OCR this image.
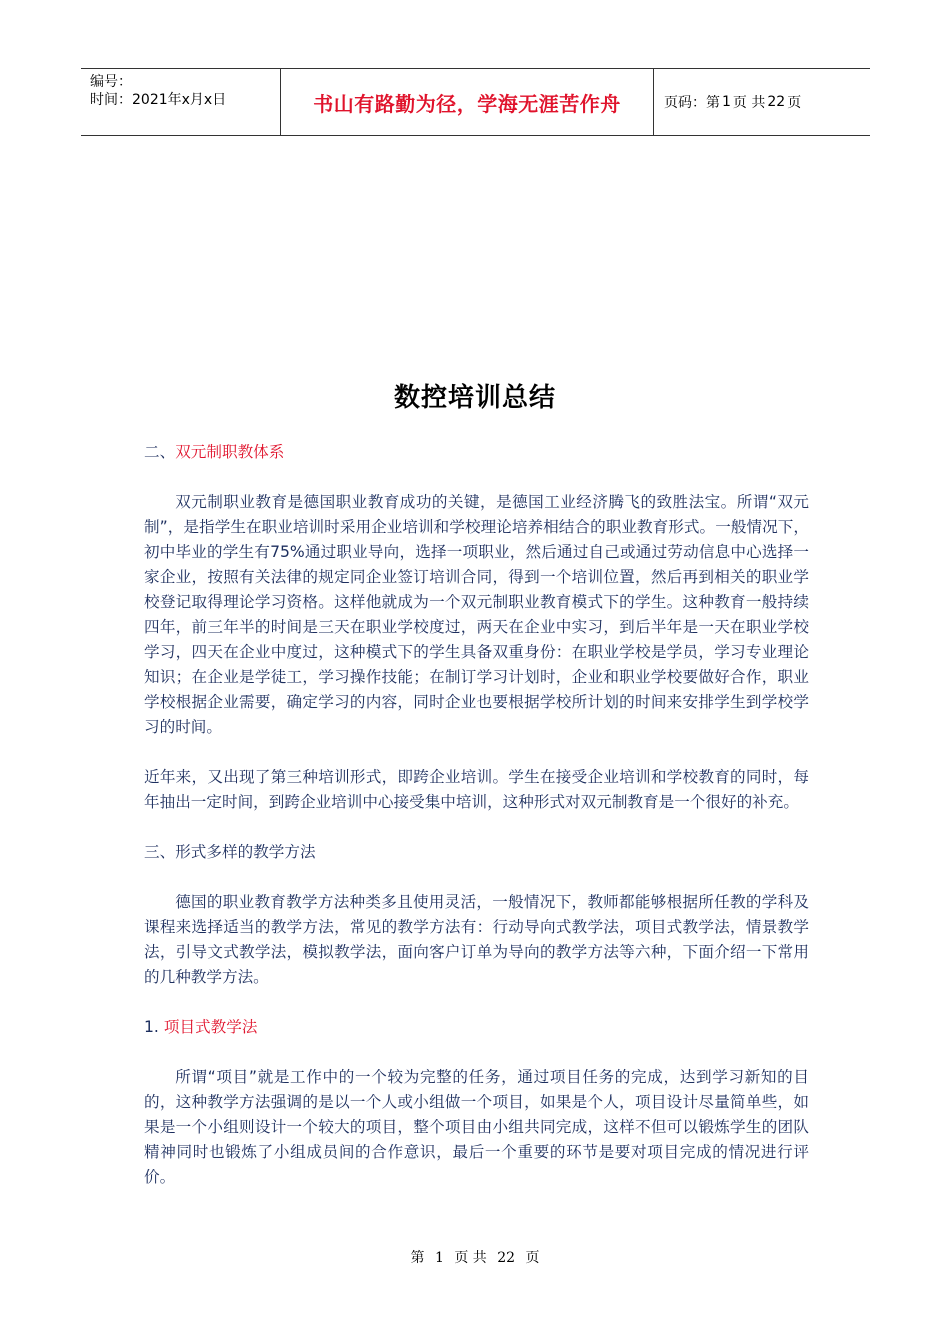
编号：
时间：2021年x月x日	书山有路勤为径，学海无涯苦作舟	页码：第 1 页 共 22 页
数控培训总结

二、双元制职教体系

双元制职业教育是德国职业教育成功的关键，是德国工业经济腾飞的致胜法宝。所谓“双元制”，是指学生在职业培训时采用企业培训和学校理论培养相结合的职业教育形式。一般情况下，初中毕业的学生有75%通过职业导向，选择一项职业，然后通过自己或通过劳动信息中心选择一家企业，按照有关法律的规定同企业签订培训合同，得到一个培训位置，然后再到相关的职业学校登记取得理论学习资格。这样他就成为一个双元制职业教育模式下的学生。这种教育一般持续四年，前三年半的时间是三天在职业学校度过，两天在企业中实习，到后半年是一天在职业学校学习，四天在企业中度过，这种模式下的学生具备双重身份：在职业学校是学员，学习专业理论知识；在企业是学徒工，学习操作技能；在制订学习计划时，企业和职业学校要做好合作，职业学校根据企业需要，确定学习的内容，同时企业也要根据学校所计划的时间来安排学生到学校学习的时间。

近年来，又出现了第三种培训形式，即跨企业培训。学生在接受企业培训和学校教育的同时，每年抽出一定时间，到跨企业培训中心接受集中培训，这种形式对双元制教育是一个很好的补充。

三、形式多样的教学方法

德国的职业教育教学方法种类多且使用灵活，一般情况下，教师都能够根据所任教的学科及课程来选择适当的教学方法，常见的教学方法有：行动导向式教学法，项目式教学法，情景教学法，引导文式教学法，模拟教学法，面向客户订单为导向的教学方法等六种，下面介绍一下常用的几种教学方法。

1. 项目式教学法

所谓“项目”就是工作中的一个较为完整的任务，通过项目任务的完成，达到学习新知的目的，这种教学方法强调的是以一个人或小组做一个项目，如果是个人，项目设计尽量简单些，如果是一个小组则设计一个较大的项目，整个项目由小组共同完成，这样不但可以锻炼学生的团队精神同时也锻炼了小组成员间的合作意识，最后一个重要的环节是要对项目完成的情况进行评价。

第 1 页 共 22 页
